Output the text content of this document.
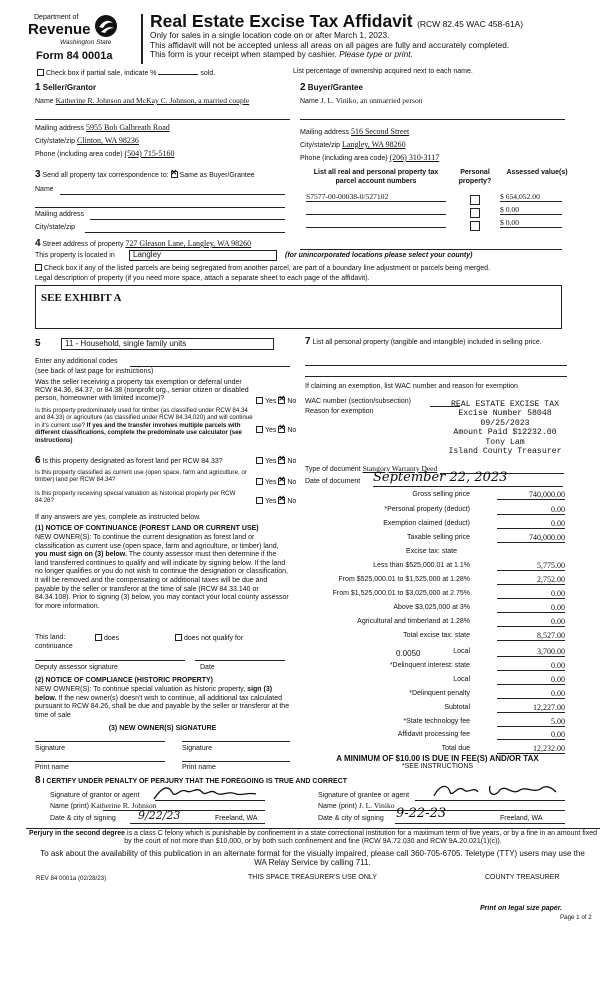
Department of
Revenue
Washington State
Form 84 0001a
Real Estate Excise Tax Affidavit (RCW 82.45 WAC 458-61A)
Only for sales in a single location code on or after March 1, 2023.
This affidavit will not be accepted unless all areas on all pages are fully and accurately completed.
This form is your receipt when stamped by cashier. Please type or print.
Check box if partial sale, indicate %	sold.	List percentage of ownership acquired next to each name.
1 Seller/Grantor
Name Katherine R. Johnson and McKay C. Johnson, a married couple
Mailing address 5955 Bob Galbreath Road
City/state/zip Clinton, WA 98236
Phone (including area code) (504) 715-5160
2 Buyer/Grantee
Name J. L. Viniko, an unmarried person
Mailing address 516 Second Street
City/state/zip Langley, WA 98260
Phone (including area code) (206) 310-3117
3 Send all property tax correspondence to: ✕ Same as Buyer/Grantee
Name
Mailing address
City/state/zip
List all real and personal property tax parcel account numbers
Personal property?
Assessed value(s)
S7577-00-00038-0/527102	$ 654,052.00
$ 0.00
$ 0.00
4 Street address of property 727 Gleason Lane, Langley, WA 98260
This property is located in	Langley	(for unincorporated locations please select your county)
Check box if any of the listed parcels are being segregated from another parcel, are part of a boundary line adjustment or parcels being merged.
Legal description of property (if you need more space, attach a separate sheet to each page of the affidavit).
SEE EXHIBIT A
5	11 - Household, single family units
Enter any additional codes
(see back of last page for instructions)
Was the seller receiving a property tax exemption or deferral under RCW 84.36, 84.37, or 84.38 (nonprofit org., senior citizen or disabled person, homeowner with limited income)?	Yes ✕ No
Is this property predominately used for timber (as classified under RCW 84.34 and 84.33) or agriculture (as classified under RCW 84.34.020) and will continue in it's current use? If yes and the transfer involves multiple parcels with different classifications, complete the predominate use calculator (see instructions)
Yes ✕ No
6 Is this property designated as forest land per RCW 84.33?	Yes ✕ No
Is this property classified as current use (open space, farm and agriculture, or timber) land per RCW 84.34?	Yes ✕ No
Is this property receiving special valuation as historical property per RCW 84.26?	Yes ✕ No
If any answers are yes, complete as instructed below.
(1) NOTICE OF CONTINUANCE (FOREST LAND OR CURRENT USE)
NEW OWNER(S): To continue the current designation as forest land or classification as current use (open space, farm and agriculture, or timber) land, you must sign on (3) below. The county assessor must then determine if the land transferred continues to qualify and will indicate by signing below. If the land no longer qualifies or you do not wish to continue the designation or classification, it will be removed and the compensating or additional taxes will be due and payable by the seller or transferor at the time of sale (RCW 84.33.140 or 84.34.108). Prior to signing (3) below, you may contact your local county assessor for more information.
This land:	does	does not qualify for
continuance
Deputy assessor signature	Date
(2) NOTICE OF COMPLIANCE (HISTORIC PROPERTY)
NEW OWNER(S): To continue special valuation as historic property, sign (3) below. If the new owner(s) doesn't wish to continue, all additional tax calculated pursuant to RCW 84.26, shall be due and payable by the seller or transferor at the time of sale
(3) NEW OWNER(S) SIGNATURE
Signature	Signature
Print name	Print name
7 List all personal property (tangible and intangible) included in selling price.
If claiming an exemption, list WAC number and reason for exemption
WAC number (section/subsection)
Reason for exemption
REAL ESTATE EXCISE TAX
Excise Number 58048
09/25/2023
Amount Paid $12232.00
Tony Lam
Island County Treasurer
Type of document Statutory Warranty Deed
Date of document September 22, 2023
Gross selling price	740,000.00
*Personal property (deduct)	0.00
Exemption claimed (deduct)	0.00
Taxable selling price	740,000.00
Excise tax: state
Less than $525,000.01 at 1.1%	5,775.00
From $525,000.01 to $1,525,000 at 1.28%	2,752.00
From $1,525,000.01 to $3,025,000 at 2.75%	0.00
Above $3,025,000 at 3%	0.00
Agricultural and timberland at 1.28%	0.00
Total excise tax: state	8,527.00
Local	3,700.00
*Delinquent interest: state	0.00
Local	0.00
*Delinquent penalty	0.00
Subtotal	12,227.00
*State technology fee	5.00
Affidavit processing fee	0.00
Total due	12,232.00
0.0050
A MINIMUM OF $10.00 IS DUE IN FEE(S) AND/OR TAX
*SEE INSTRUCTIONS
8 I CERTIFY UNDER PENALTY OF PERJURY THAT THE FOREGOING IS TRUE AND CORRECT
Signature of grantor or agent
Name (print) Katherine R. Johnson
Date & city of signing 9/22/23	Freeland, WA
Signature of grantee or agent
Name (print) J. L. Viniko
Date & city of signing 9-22-23	Freeland, WA
Perjury in the second degree is a class C felony which is punishable by confinement in a state correctional institution for a maximum term of five years, or by a fine in an amount fixed by the court of not more than $10,000, or by both such confinement and fine (RCW 9A.72.030 and RCW 9A.20.021(1)(c)).
To ask about the availability of this publication in an alternate format for the visually impaired, please call 360-705-6705. Teletype (TTY) users may use the WA Relay Service by calling 711.
REV 84 0001a (02/28/23)	THIS SPACE TREASURER'S USE ONLY	COUNTY TREASURER
Print on legal size paper.
Page 1 of 2
